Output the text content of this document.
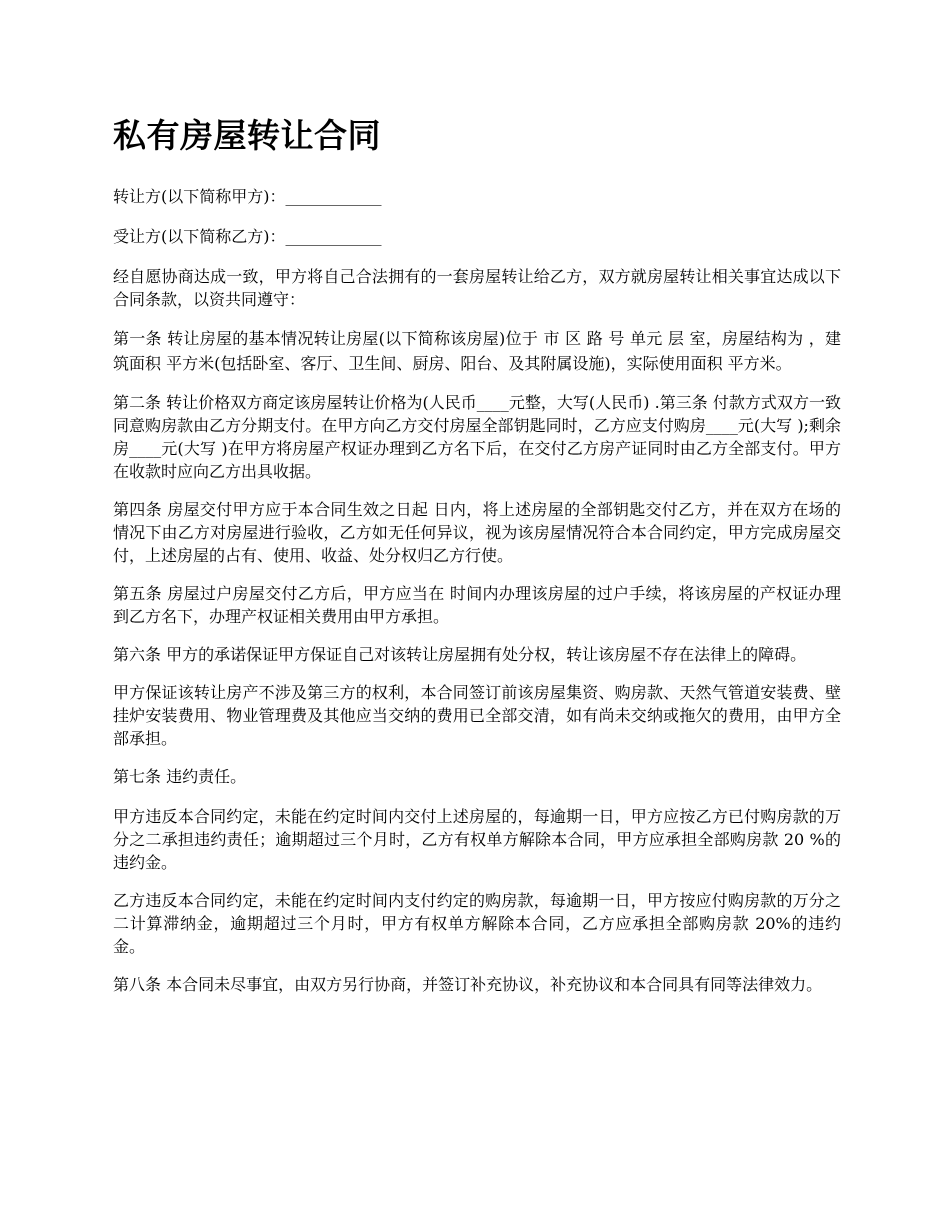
私有房屋转让合同

转让方(以下简称甲方)：____________

受让方(以下简称乙方)：____________

经自愿协商达成一致，甲方将自己合法拥有的一套房屋转让给乙方，双方就房屋转让相关事宜达成以下合同条款，以资共同遵守：

第一条 转让房屋的基本情况转让房屋(以下简称该房屋)位于 市 区 路 号 单元 层 室，房屋结构为 ，建筑面积 平方米(包括卧室、客厅、卫生间、厨房、阳台、及其附属设施)，实际使用面积 平方米。

第二条 转让价格双方商定该房屋转让价格为(人民币____元整，大写(人民币) .第三条 付款方式双方一致同意购房款由乙方分期支付。在甲方向乙方交付房屋全部钥匙同时，乙方应支付购房____元(大写 );剩余房____元(大写 )在甲方将房屋产权证办理到乙方名下后，在交付乙方房产证同时由乙方全部支付。甲方在收款时应向乙方出具收据。

第四条 房屋交付甲方应于本合同生效之日起 日内，将上述房屋的全部钥匙交付乙方，并在双方在场的情况下由乙方对房屋进行验收，乙方如无任何异议，视为该房屋情况符合本合同约定，甲方完成房屋交付，上述房屋的占有、使用、收益、处分权归乙方行使。

第五条 房屋过户房屋交付乙方后，甲方应当在 时间内办理该房屋的过户手续，将该房屋的产权证办理到乙方名下，办理产权证相关费用由甲方承担。

第六条 甲方的承诺保证甲方保证自己对该转让房屋拥有处分权，转让该房屋不存在法律上的障碍。

甲方保证该转让房产不涉及第三方的权利，本合同签订前该房屋集资、购房款、天然气管道安装费、壁挂炉安装费用、物业管理费及其他应当交纳的费用已全部交清，如有尚未交纳或拖欠的费用，由甲方全部承担。

第七条 违约责任。

甲方违反本合同约定，未能在约定时间内交付上述房屋的，每逾期一日，甲方应按乙方已付购房款的万分之二承担违约责任；逾期超过三个月时，乙方有权单方解除本合同，甲方应承担全部购房款 20 %的违约金。

乙方违反本合同约定，未能在约定时间内支付约定的购房款，每逾期一日，甲方按应付购房款的万分之二计算滞纳金，逾期超过三个月时，甲方有权单方解除本合同，乙方应承担全部购房款 20%的违约金。

第八条 本合同未尽事宜，由双方另行协商，并签订补充协议，补充协议和本合同具有同等法律效力。
